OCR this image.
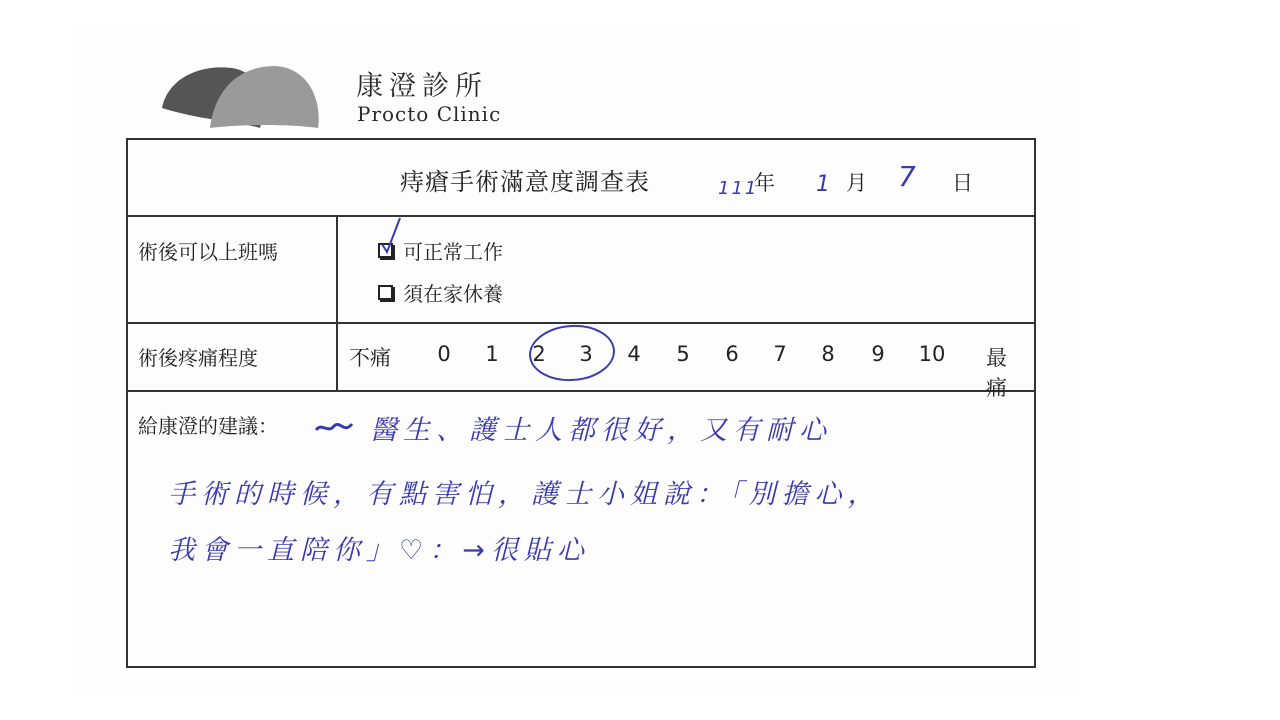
康澄診所
Procto Clinic
痔瘡手術滿意度調查表	111
年 1 月 7 日
術後可以上班嗎	可正常工作
須在家休養
術後疼痛程度	不痛 0 1 2 3 4 5 6 7 8 9 10 最痛
給康澄的建議：	醫生、護士人都很好，又有耐心
手術的時候，有點害怕，護士小姐說：「別擔心，
我會一直陪你」♡：→很貼心
